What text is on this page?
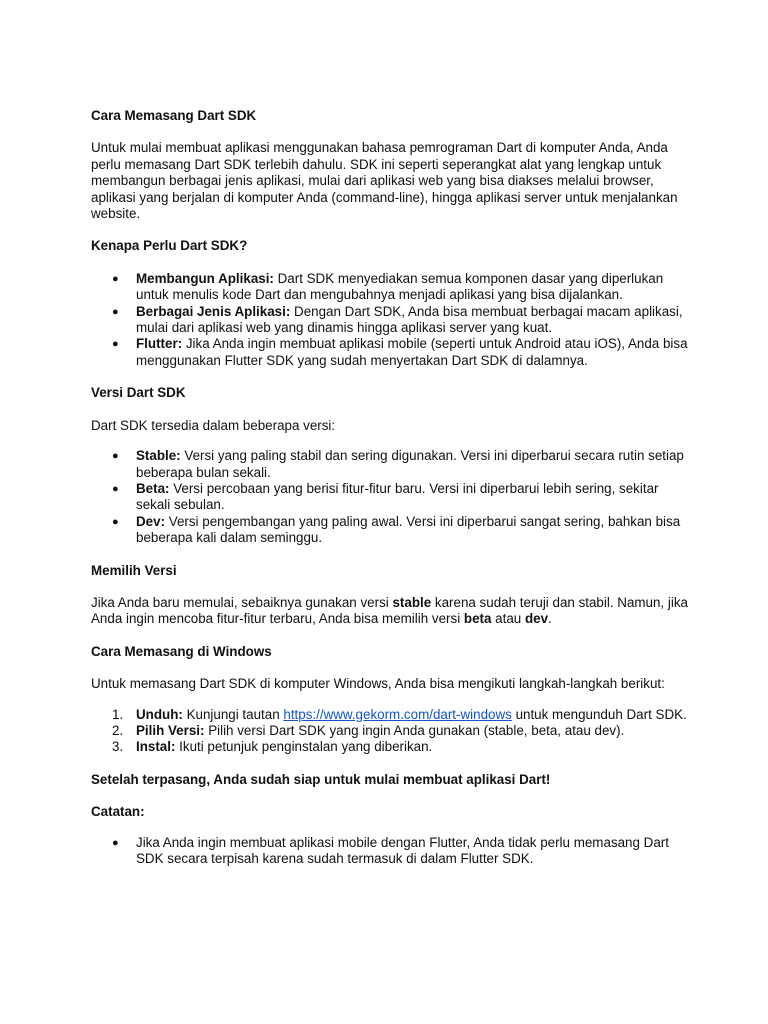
Cara Memasang Dart SDK

Untuk mulai membuat aplikasi menggunakan bahasa pemrograman Dart di komputer Anda, Anda perlu memasang Dart SDK terlebih dahulu. SDK ini seperti seperangkat alat yang lengkap untuk membangun berbagai jenis aplikasi, mulai dari aplikasi web yang bisa diakses melalui browser, aplikasi yang berjalan di komputer Anda (command-line), hingga aplikasi server untuk menjalankan website.

Kenapa Perlu Dart SDK?
● Membangun Aplikasi: Dart SDK menyediakan semua komponen dasar yang diperlukan untuk menulis kode Dart dan mengubahnya menjadi aplikasi yang bisa dijalankan.
● Berbagai Jenis Aplikasi: Dengan Dart SDK, Anda bisa membuat berbagai macam aplikasi, mulai dari aplikasi web yang dinamis hingga aplikasi server yang kuat.
● Flutter: Jika Anda ingin membuat aplikasi mobile (seperti untuk Android atau iOS), Anda bisa menggunakan Flutter SDK yang sudah menyertakan Dart SDK di dalamnya.
Versi Dart SDK

Dart SDK tersedia dalam beberapa versi:

● Stable: Versi yang paling stabil dan sering digunakan. Versi ini diperbarui secara rutin setiap beberapa bulan sekali.
● Beta: Versi percobaan yang berisi fitur-fitur baru. Versi ini diperbarui lebih sering, sekitar sekali sebulan.
● Dev: Versi pengembangan yang paling awal. Versi ini diperbarui sangat sering, bahkan bisa beberapa kali dalam seminggu.
Memilih Versi

Jika Anda baru memulai, sebaiknya gunakan versi stable karena sudah teruji dan stabil. Namun, jika Anda ingin mencoba fitur-fitur terbaru, Anda bisa memilih versi beta atau dev.

Cara Memasang di Windows

Untuk memasang Dart SDK di komputer Windows, Anda bisa mengikuti langkah-langkah berikut:

1. Unduh: Kunjungi tautan https://www.gekorm.com/dart-windows untuk mengunduh Dart SDK.
2. Pilih Versi: Pilih versi Dart SDK yang ingin Anda gunakan (stable, beta, atau dev).
3. Instal: Ikuti petunjuk penginstalan yang diberikan.
Setelah terpasang, Anda sudah siap untuk mulai membuat aplikasi Dart!
Catatan:
● Jika Anda ingin membuat aplikasi mobile dengan Flutter, Anda tidak perlu memasang Dart SDK secara terpisah karena sudah termasuk di dalam Flutter SDK.
